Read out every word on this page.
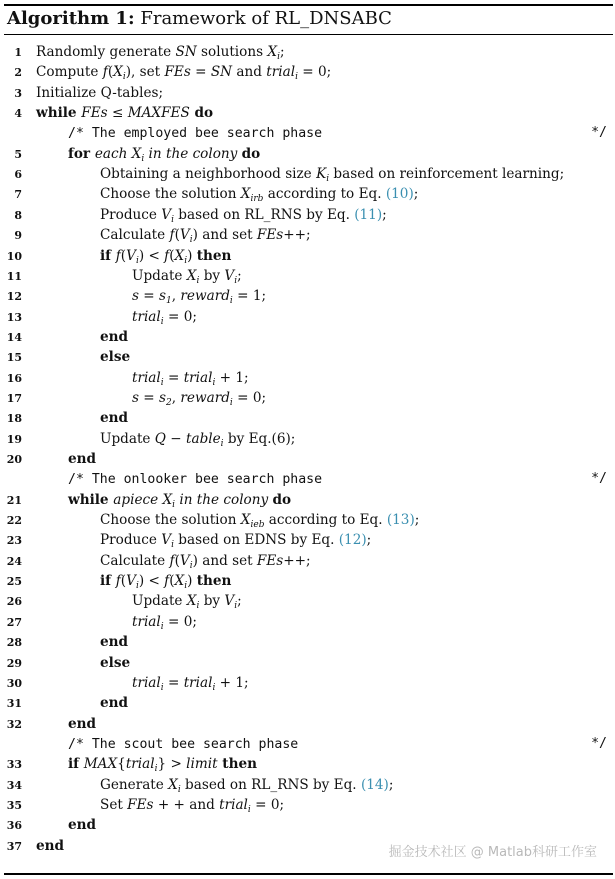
Algorithm 1: Framework of RL_DNSABC
1 Randomly generate SN solutions $X_i$;
2 Compute $f(X_i)$, set FEs = SN and trial$_i$ = 0;
3 Initialize Q-tables;
4 while FEs ≤ MAXFES do
/* The employed bee search phase	*/
5	for each $X_i$ in the colony do
6	Obtaining a neighborhood size $K_i$ based on reinforcement learning;
7	Choose the solution $X_{irb}$ according to Eq. (10);
8	Produce $V_i$ based on RL_RNS by Eq. (11);
9	Calculate $f(V_i)$ and set FEs++;
10	if $f(V_i) < f(X_i)$ then
11	Update $X_i$ by $V_i$;
12	$s = s_1$, reward$_i$ = 1;
13	trial$_i$ = 0;
14	end
15	else
16	trial$_i$ = trial$_i$ + 1;
17	$s = s_2$, reward$_i$ = 0;
18	end
19	Update Q − table$_i$ by Eq.(6);
20	end
/* The onlooker bee search phase	*/
21	while apiece $X_i$ in the colony do
22	Choose the solution $X_{ieb}$ according to Eq. (13);
23	Produce $V_i$ based on EDNS by Eq. (12);
24	Calculate $f(V_i)$ and set FEs++;
25	if $f(V_i) < f(X_i)$ then
26	Update $X_i$ by $V_i$;
27	trial$_i$ = 0;
28	end
29	else
30	trial$_i$ = trial$_i$ + 1;
31	end
32	end
/* The scout bee search phase	*/
33	if MAX{trial$_i$} > limit then
34	Generate $X_i$ based on RL_RNS by Eq. (14);
35	Set FEs + + and trial$_i$ = 0;
36	end
37 end	掘金技术社区 @ Matlab科研工作室
